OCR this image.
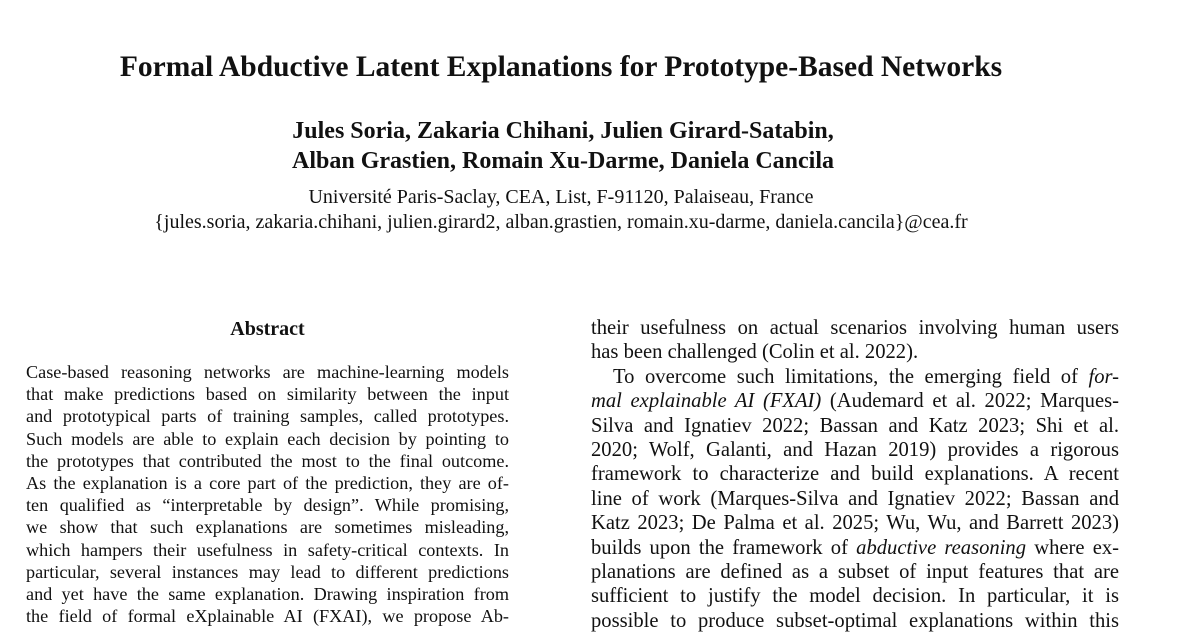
Formal Abductive Latent Explanations for Prototype-Based Networks
Jules Soria, Zakaria Chihani, Julien Girard-Satabin,
Alban Grastien, Romain Xu-Darme, Daniela Cancila
Université Paris-Saclay, CEA, List, F-91120, Palaiseau, France
{jules.soria, zakaria.chihani, julien.girard2, alban.grastien, romain.xu-darme, daniela.cancila}@cea.fr
Abstract
Case-based reasoning networks are machine-learning models
that make predictions based on similarity between the input
and prototypical parts of training samples, called prototypes.
Such models are able to explain each decision by pointing to
the prototypes that contributed the most to the final outcome.
As the explanation is a core part of the prediction, they are of-
ten qualified as “interpretable by design”. While promising,
we show that such explanations are sometimes misleading,
which hampers their usefulness in safety-critical contexts. In
particular, several instances may lead to different predictions
and yet have the same explanation. Drawing inspiration from
the field of formal eXplainable AI (FXAI), we propose Ab-
their usefulness on actual scenarios involving human users
has been challenged (Colin et al. 2022).
To overcome such limitations, the emerging field of for-
mal explainable AI (FXAI) (Audemard et al. 2022; Marques-
Silva and Ignatiev 2022; Bassan and Katz 2023; Shi et al.
2020; Wolf, Galanti, and Hazan 2019) provides a rigorous
framework to characterize and build explanations. A recent
line of work (Marques-Silva and Ignatiev 2022; Bassan and
Katz 2023; De Palma et al. 2025; Wu, Wu, and Barrett 2023)
builds upon the framework of abductive reasoning where ex-
planations are defined as a subset of input features that are
sufficient to justify the model decision. In particular, it is
possible to produce subset-optimal explanations within this
